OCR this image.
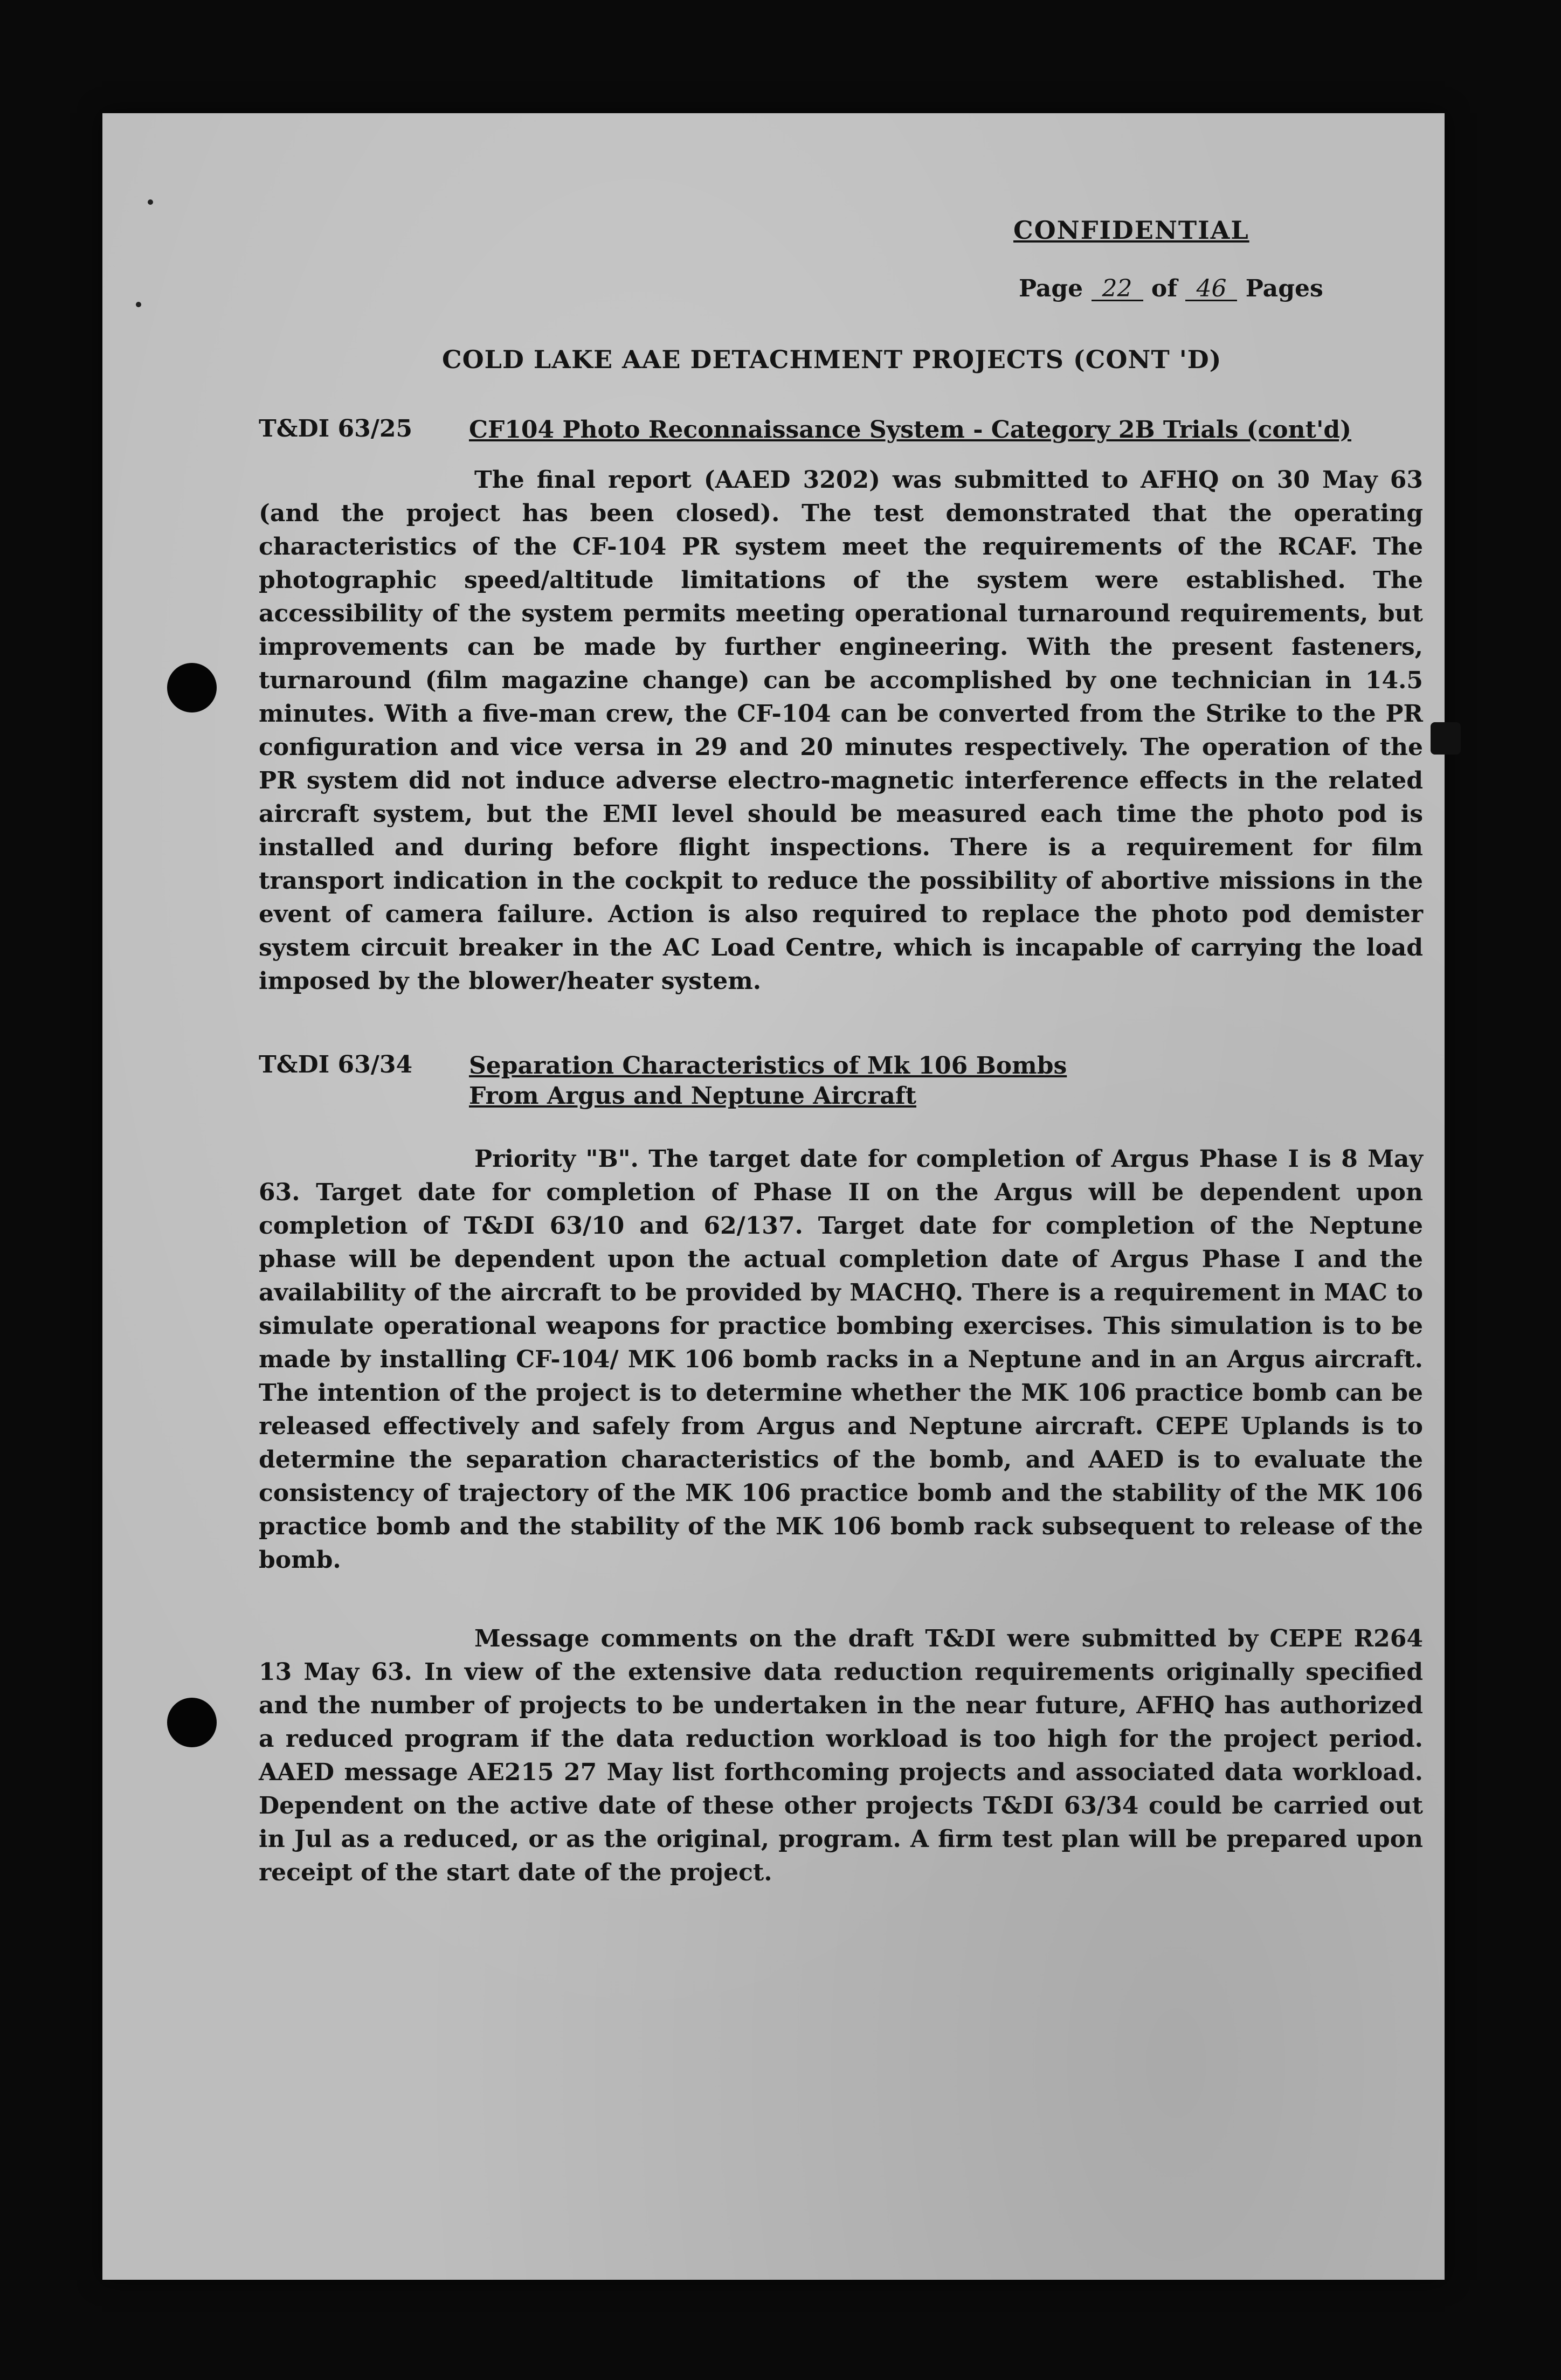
CONFIDENTIAL
Page 22 of 46 Pages
COLD LAKE AAE DETACHMENT PROJECTS (CONT 'D)
T&DI 63/25 CF104 Photo Reconnaissance System - Category 2B Trials (cont'd)

The final report (AAED 3202) was submitted to AFHQ on 30 May 63 (and the project has been closed). The test demonstrated that the operating characteristics of the CF-104 PR system meet the requirements of the RCAF. The photographic speed/altitude limitations of the system were established. The accessibility of the system permits meeting operational turnaround requirements, but improvements can be made by further engineering. With the present fasteners, turnaround (film magazine change) can be accomplished by one technician in 14.5 minutes. With a five-man crew, the CF-104 can be converted from the Strike to the PR configuration and vice versa in 29 and 20 minutes respectively. The operation of the PR system did not induce adverse electro-magnetic interference effects in the related aircraft system, but the EMI level should be measured each time the photo pod is installed and during before flight inspections. There is a requirement for film transport indication in the cockpit to reduce the possibility of abortive missions in the event of camera failure. Action is also required to replace the photo pod demister system circuit breaker in the AC Load Centre, which is incapable of carrying the load imposed by the blower/heater system.

T&DI 63/34 Separation Characteristics of Mk 106 Bombs
From Argus and Neptune Aircraft

Priority "B". The target date for completion of Argus Phase I is 8 May 63. Target date for completion of Phase II on the Argus will be dependent upon completion of T&DI 63/10 and 62/137. Target date for completion of the Neptune phase will be dependent upon the actual completion date of Argus Phase I and the availability of the aircraft to be provided by MACHQ. There is a requirement in MAC to simulate operational weapons for practice bombing exercises. This simulation is to be made by installing CF-104/ MK 106 bomb racks in a Neptune and in an Argus aircraft. The intention of the project is to determine whether the MK 106 practice bomb can be released effectively and safely from Argus and Neptune aircraft. CEPE Uplands is to determine the separation characteristics of the bomb, and AAED is to evaluate the consistency of trajectory of the MK 106 practice bomb and the stability of the MK 106 practice bomb and the stability of the MK 106 bomb rack subsequent to release of the bomb.

Message comments on the draft T&DI were submitted by CEPE R264 13 May 63. In view of the extensive data reduction requirements originally specified and the number of projects to be undertaken in the near future, AFHQ has authorized a reduced program if the data reduction workload is too high for the project period. AAED message AE215 27 May list forthcoming projects and associated data workload. Dependent on the active date of these other projects T&DI 63/34 could be carried out in Jul as a reduced, or as the original, program. A firm test plan will be prepared upon receipt of the start date of the project.
